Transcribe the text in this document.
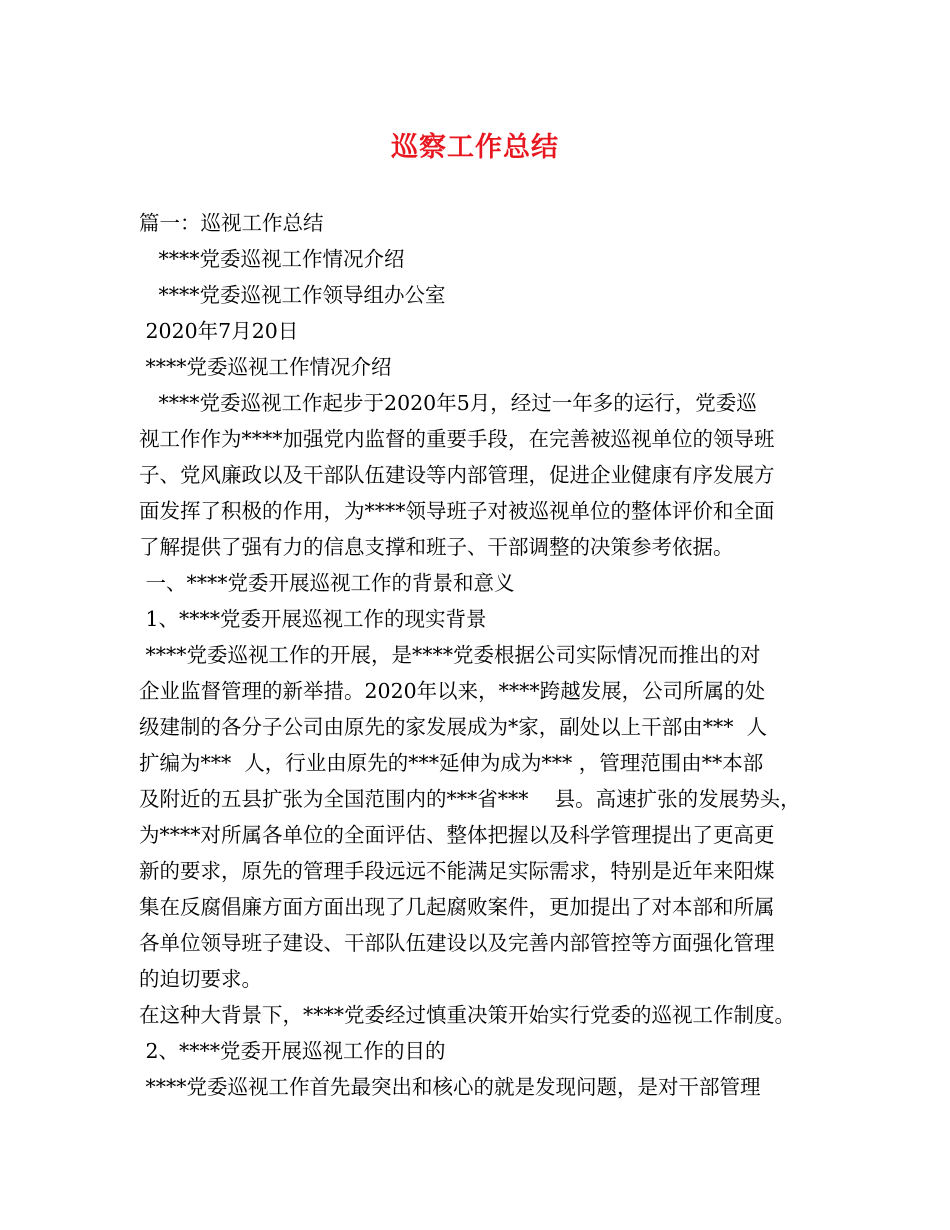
巡察工作总结
篇一：巡视工作总结
****党委巡视工作情况介绍
****党委巡视工作领导组办公室
2020年7月20日
****党委巡视工作情况介绍
****党委巡视工作起步于2020年5月，经过一年多的运行，党委巡
视工作作为****加强党内监督的重要手段，在完善被巡视单位的领导班
子、党风廉政以及干部队伍建设等内部管理，促进企业健康有序发展方
面发挥了积极的作用，为****领导班子对被巡视单位的整体评价和全面
了解提供了强有力的信息支撑和班子、干部调整的决策参考依据。
一、****党委开展巡视工作的背景和意义
1、****党委开展巡视工作的现实背景
****党委巡视工作的开展，是****党委根据公司实际情况而推出的对
企业监督管理的新举措。2020年以来，****跨越发展，公司所属的处
级建制的各分子公司由原先的家发展成为*家，副处以上干部由***  人
扩编为***  人，行业由原先的***延伸为成为*** ，管理范围由**本部
及附近的五县扩张为全国范围内的***省***    县。高速扩张的发展势头，
为****对所属各单位的全面评估、整体把握以及科学管理提出了更高更
新的要求，原先的管理手段远远不能满足实际需求，特别是近年来阳煤
集在反腐倡廉方面方面出现了几起腐败案件，更加提出了对本部和所属
各单位领导班子建设、干部队伍建设以及完善内部管控等方面强化管理
的迫切要求。
在这种大背景下，****党委经过慎重决策开始实行党委的巡视工作制度。
2、****党委开展巡视工作的目的
****党委巡视工作首先最突出和核心的就是发现问题，是对干部管理
